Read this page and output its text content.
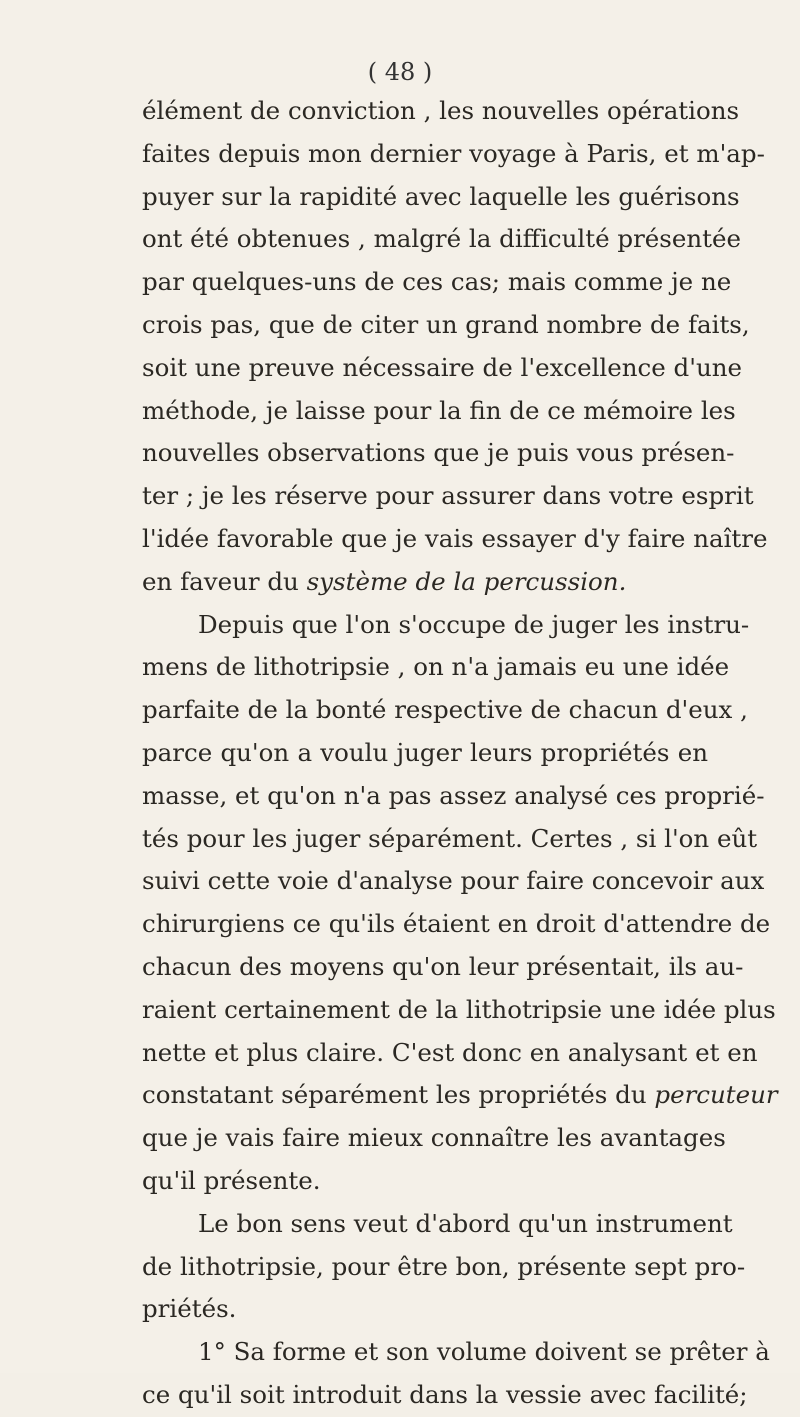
( 48 )
élément de conviction , les nouvelles opérations
faites depuis mon dernier voyage à Paris, et m'ap-
puyer sur la rapidité avec laquelle les guérisons
ont été obtenues , malgré la difficulté présentée
par quelques-uns de ces cas; mais comme je ne
crois pas, que de citer un grand nombre de faits,
soit une preuve nécessaire de l'excellence d'une
méthode, je laisse pour la fin de ce mémoire les
nouvelles observations que je puis vous présen-
ter ; je les réserve pour assurer dans votre esprit
l'idée favorable que je vais essayer d'y faire naître
en faveur du système de la percussion.
Depuis que l'on s'occupe de juger les instru-
mens de lithotripsie , on n'a jamais eu une idée
parfaite de la bonté respective de chacun d'eux ,
parce qu'on a voulu juger leurs propriétés en
masse, et qu'on n'a pas assez analysé ces proprié-
tés pour les juger séparément. Certes , si l'on eût
suivi cette voie d'analyse pour faire concevoir aux
chirurgiens ce qu'ils étaient en droit d'attendre de
chacun des moyens qu'on leur présentait, ils au-
raient certainement de la lithotripsie une idée plus
nette et plus claire. C'est donc en analysant et en
constatant séparément les propriétés du percuteur
que je vais faire mieux connaître les avantages
qu'il présente.
Le bon sens veut d'abord qu'un instrument
de lithotripsie, pour être bon, présente sept pro-
priétés.
1° Sa forme et son volume doivent se prêter à
ce qu'il soit introduit dans la vessie avec facilité;
